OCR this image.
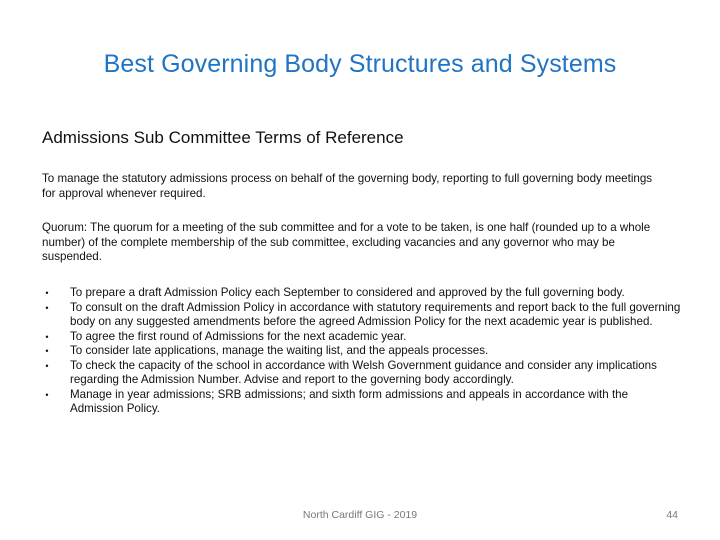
Best Governing Body Structures and Systems
Admissions Sub Committee Terms of Reference
To manage the statutory admissions process on behalf of the governing body, reporting to full governing body meetings for approval whenever required.
Quorum: The quorum for a meeting of the sub committee and for a vote to be taken, is one half (rounded up to a whole number) of the complete membership of the sub committee, excluding vacancies and any governor who may be suspended.
• To prepare a draft Admission Policy each September to considered and approved by the full governing body.
• To consult on the draft Admission Policy in accordance with statutory requirements and report back to the full governing body on any suggested amendments before the agreed Admission Policy for the next academic year is published.
• To agree the first round of Admissions for the next academic year.
• To consider late applications, manage the waiting list, and the appeals processes.
• To check the capacity of the school in accordance with Welsh Government guidance and consider any implications regarding the Admission Number. Advise and report to the governing body accordingly.
• Manage in year admissions; SRB admissions; and sixth form admissions and appeals in accordance with the Admission Policy.
North Cardiff GIG - 2019	44
